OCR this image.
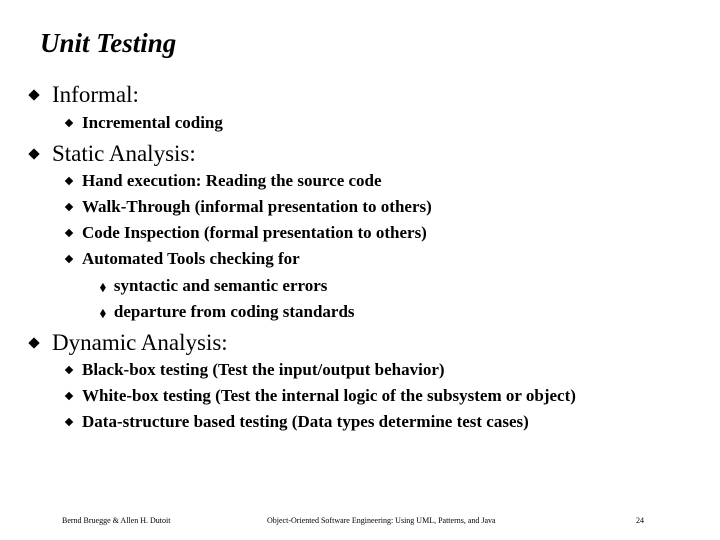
Unit Testing
Informal:
Incremental coding
Static Analysis:
Hand execution: Reading the source code
Walk-Through (informal presentation to others)
Code Inspection (formal presentation to others)
Automated Tools checking for
⬧ syntactic and semantic errors
⬧ departure from coding standards
Dynamic Analysis:
Black-box testing (Test the input/output behavior)
White-box testing (Test the internal logic of the subsystem or object)
Data-structure based testing (Data types determine test cases)
Bernd Bruegge & Allen H. Dutoit	Object-Oriented Software Engineering: Using UML, Patterns, and Java	24
